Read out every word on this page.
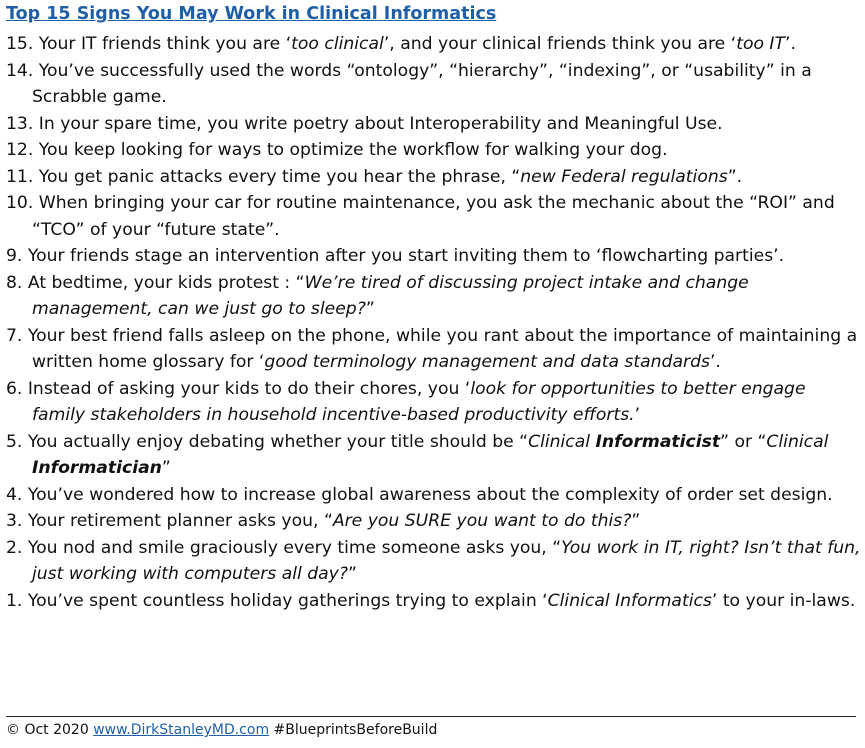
Top 15 Signs You May Work in Clinical Informatics
15. Your IT friends think you are ‘too clinical’, and your clinical friends think you are ‘too IT’.
14. You’ve successfully used the words “ontology”, “hierarchy”, “indexing”, or “usability” in a Scrabble game.
13. In your spare time, you write poetry about Interoperability and Meaningful Use.
12. You keep looking for ways to optimize the workflow for walking your dog.
11. You get panic attacks every time you hear the phrase, “new Federal regulations”.
10. When bringing your car for routine maintenance, you ask the mechanic about the “ROI” and “TCO” of your “future state”.
9. Your friends stage an intervention after you start inviting them to ‘flowcharting parties’.
8. At bedtime, your kids protest : “We’re tired of discussing project intake and change management, can we just go to sleep?”
7. Your best friend falls asleep on the phone, while you rant about the importance of maintaining a written home glossary for ‘good terminology management and data standards’.
6. Instead of asking your kids to do their chores, you ‘look for opportunities to better engage family stakeholders in household incentive-based productivity efforts.’
5. You actually enjoy debating whether your title should be “Clinical Informaticist” or “Clinical Informatician”
4. You’ve wondered how to increase global awareness about the complexity of order set design.
3. Your retirement planner asks you, “Are you SURE you want to do this?”
2. You nod and smile graciously every time someone asks you, “You work in IT, right? Isn’t that fun, just working with computers all day?”
1. You’ve spent countless holiday gatherings trying to explain ‘Clinical Informatics’ to your in-laws.
© Oct 2020 www.DirkStanleyMD.com #BlueprintsBeforeBuild
